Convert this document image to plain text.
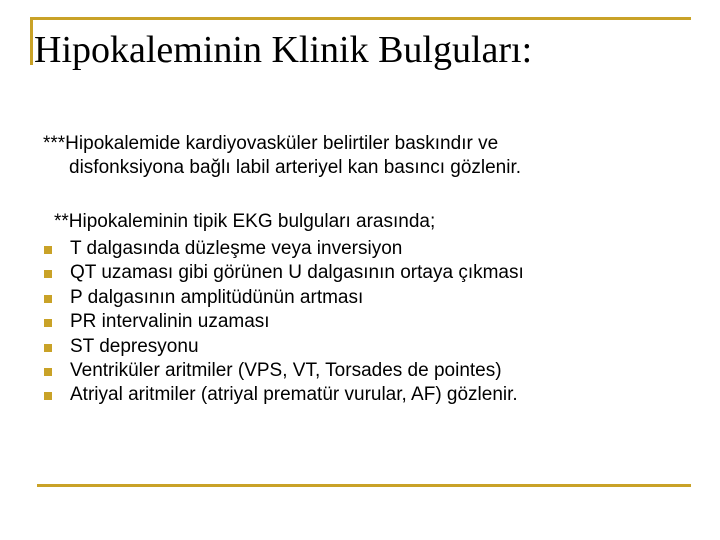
Hipokaleminin Klinik Bulguları:
***Hipokalemide kardiyovasküler belirtiler baskındır ve
disfonksiyona bağlı labil arteriyel kan basıncı gözlenir.
**Hipokaleminin tipik EKG bulguları arasında;
T dalgasında düzleşme veya inversiyon
QT uzaması gibi görünen U dalgasının ortaya çıkması
P dalgasının amplitüdünün artması
PR intervalinin uzaması
ST depresyonu
Ventriküler aritmiler (VPS, VT, Torsades de pointes)
Atriyal aritmiler (atriyal prematür vurular, AF) gözlenir.
